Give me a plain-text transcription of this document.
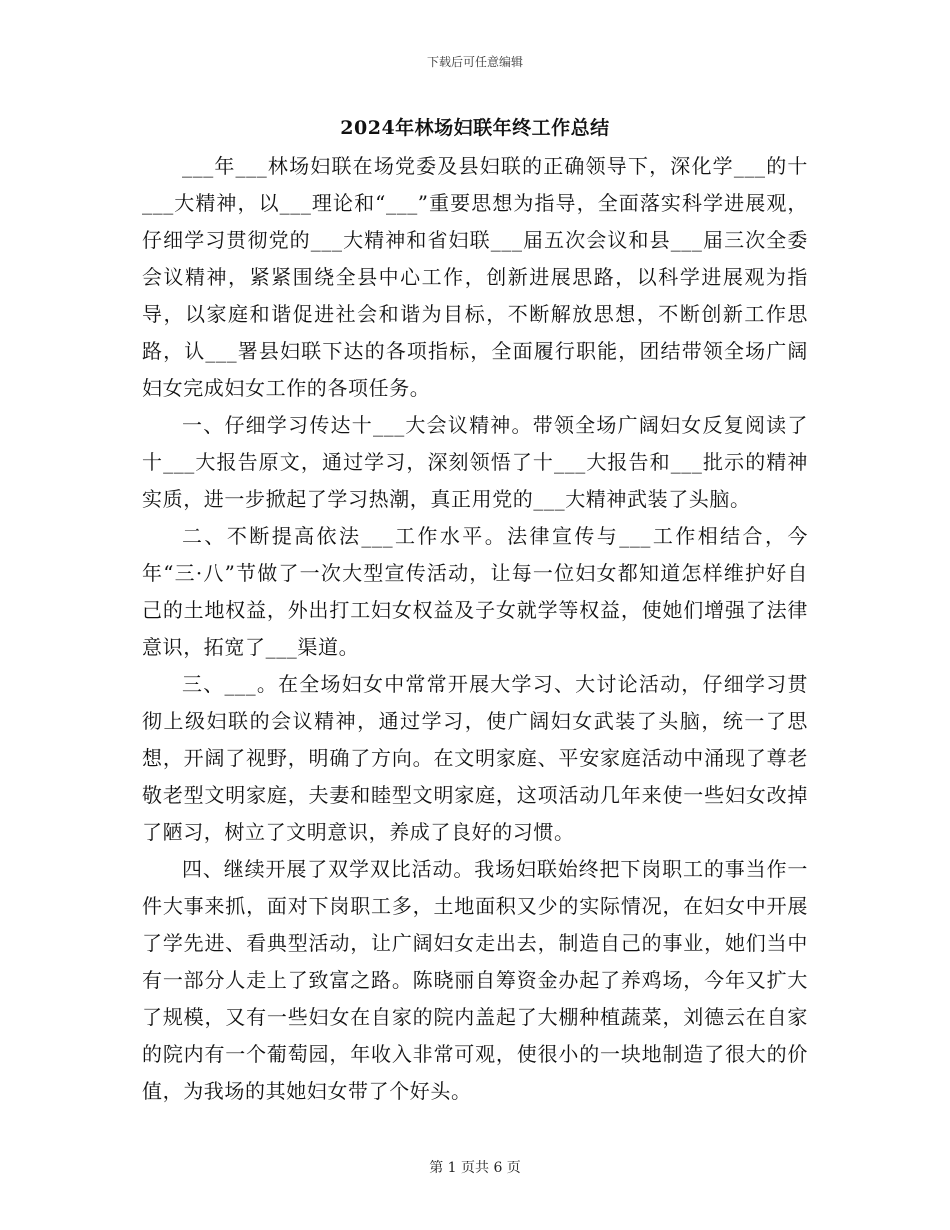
下载后可任意编辑
2024年林场妇联年终工作总结

___年___林场妇联在场党委及县妇联的正确领导下，深化学___的十___大精神，以___理论和“___”重要思想为指导，全面落实科学进展观，仔细学习贯彻党的___大精神和省妇联___届五次会议和县___届三次全委会议精神，紧紧围绕全县中心工作，创新进展思路，以科学进展观为指导，以家庭和谐促进社会和谐为目标，不断解放思想，不断创新工作思路，认___署县妇联下达的各项指标，全面履行职能，团结带领全场广阔妇女完成妇女工作的各项任务。

一、仔细学习传达十___大会议精神。带领全场广阔妇女反复阅读了十___大报告原文，通过学习，深刻领悟了十___大报告和___批示的精神实质，进一步掀起了学习热潮，真正用党的___大精神武装了头脑。

二、不断提高依法___工作水平。法律宣传与___工作相结合，今年“三·八”节做了一次大型宣传活动，让每一位妇女都知道怎样维护好自己的土地权益，外出打工妇女权益及子女就学等权益，使她们增强了法律意识，拓宽了___渠道。

三、___。在全场妇女中常常开展大学习、大讨论活动，仔细学习贯彻上级妇联的会议精神，通过学习，使广阔妇女武装了头脑，统一了思想，开阔了视野，明确了方向。在文明家庭、平安家庭活动中涌现了尊老敬老型文明家庭，夫妻和睦型文明家庭，这项活动几年来使一些妇女改掉了陋习，树立了文明意识，养成了良好的习惯。

四、继续开展了双学双比活动。我场妇联始终把下岗职工的事当作一件大事来抓，面对下岗职工多，土地面积又少的实际情况，在妇女中开展了学先进、看典型活动，让广阔妇女走出去，制造自己的事业，她们当中有一部分人走上了致富之路。陈晓丽自筹资金办起了养鸡场，今年又扩大了规模，又有一些妇女在自家的院内盖起了大棚种植蔬菜，刘德云在自家的院内有一个葡萄园，年收入非常可观，使很小的一块地制造了很大的价值，为我场的其她妇女带了个好头。

第 1 页共 6 页
